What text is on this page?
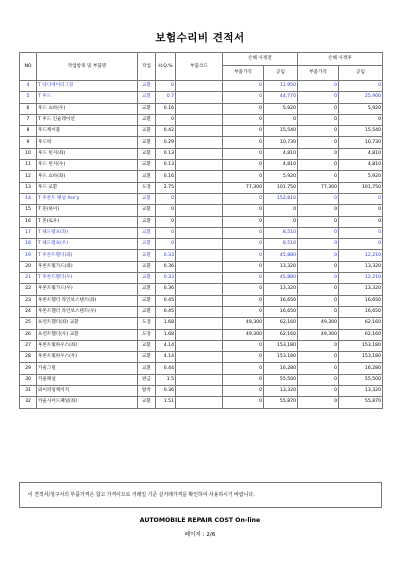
보험수리비 견적서
NO	작업항목 및 부품명	작업	H.Q.%	부품코드	손해 사정전		손해 사정후	
					부품가격	공임	부품가격	공임
4	T 라디에이터그릴	교환	0		0	12,950	0	0
5	T 후드	교환	0.7		0	44,770	0	25,900
6	후드 쇼바(우)	교환	0.16		0	5,920	0	5,920
7	T 후드 인슐레이션	교환	0		0	0	0	0
8	후드케이블	교환	0.42		0	15,540	0	15,540
9	후드락	교환	0.29		0	10,730	0	10,730
10	후드 힌지(좌)	교환	0.13		0	4,810	0	4,810
11	후드 힌지(우)	교환	0.13		0	4,810	0	4,810
12	후드 쇼바(좌)	교환	0.16		0	5,920	0	5,920
13	후드 교환	도장	2.75		77,300	101,750	77,300	101,750
14	T 후론트 패널 Ass'y	교환	0		0	152,810	0	0
15	T 혼(하이)	교환	0		0	0	0	0
16	T 혼(로우)	교환	0		0	0	0	0
17	T 헤드램프(좌)	교환	0		0	8,510	0	0
18	T 헤드램프(우)	교환	0		0	8,510	0	0
19	T 후론트휀더(좌)	교환	0.33		0	45,880	0	12,210
20	후론트휠가드(좌)	교환	0.36		0	13,320	0	13,320
21	T 후론트휀더(우)	교환	0.33		0	45,880	0	12,210
22	후론트휠가드(우)	교환	0.36		0	13,320	0	13,320
23	후론트휀더 라인보스텐트(좌)	교환	0.45		0	16,650	0	16,650
24	후론트휀더 라인보스텐트(우)	교환	0.45		0	16,650	0	16,650
25	프런트휀더(좌) 교환	도장	1.68		49,300	62,160	49,300	62,160
26	프런트휀더(우) 교환	도장	1.68		49,300	62,160	49,300	62,160
27	후론트휠하우스(좌)	교환	4.14		0	153,180	0	153,180
28	후론트휠하우스(우)	교환	4.14		0	153,180	0	153,180
29	카울그릴	교환	0.44		0	16,280	0	16,280
30	카울패널	판금	1.5		0	55,500	0	55,500
31	와이퍼링케이지	탈착	0.36		0	13,320	0	13,320
32	카울사이드패널(좌)	교환	1.51		0	55,870	0	55,870
이 견적서/청구서의 부품가격은 참고 가격이므로 거래일 기준 실거래가격을 확인하여 사용하시기 바랍니다.
AUTOMOBILE REPAIR COST On-line
페이지 : 2/6
